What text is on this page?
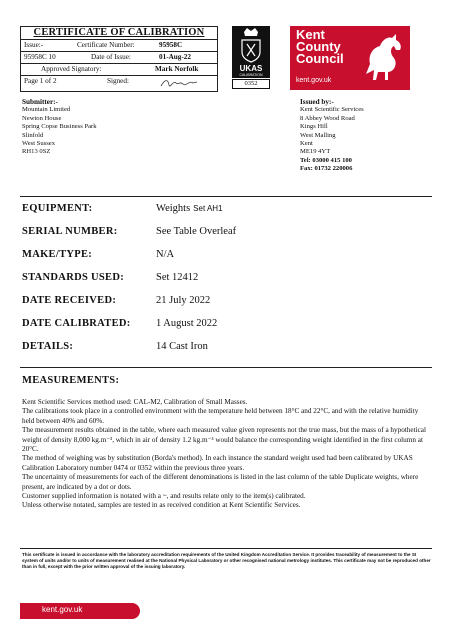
CERTIFICATE OF CALIBRATION
Issue:-	Certificate Number:	95958C
95958C 10	Date of Issue:	01-Aug-22
Approved Signatory:	Mark Norfolk
Page 1 of 2	Signed:
UKAS
CALIBRATION
0352
Kent
County
Council
kent.gov.uk
Submitter:-
Mountain Limited
Newton House
Spring Copse Business Park
Slinfold
West Sussex
RH13 0SZ
Issued by:-
Kent Scientific Services
8 Abbey Wood Road
Kings Hill
West Malling
Kent
ME19 4YT
Tel: 03000 415 100
Fax: 01732 220006
EQUIPMENT:	Weights Set AH1
SERIAL NUMBER:	See Table Overleaf
MAKE/TYPE:	N/A
STANDARDS USED:	Set 12412
DATE RECEIVED:	21 July 2022
DATE CALIBRATED: 1 August 2022
DETAILS:	14 Cast Iron
MEASUREMENTS:

Kent Scientific Services method used: CAL-M2, Calibration of Small Masses.

The calibrations took place in a controlled environment with the temperature held between 18°C and 22°C, and with the relative humidity held between 40% and 60%.

The measurement results obtained in the table, where each measured value given represents not the true mass, but the mass of a hypothetical weight of density 8,000 kg.m⁻³, which in air of density 1.2 kg.m⁻³ would balance the corresponding weight identified in the first column at 20°C.

The method of weighing was by substitution (Borda's method). In each instance the standard weight used had been calibrated by UKAS Calibration Laboratory number 0474 or 0352 within the previous three years.

The uncertainty of measurements for each of the different denominations is listed in the last column of the table Duplicate weights, where present, are indicated by a dot or dots.

Customer supplied information is notated with a ~, and results relate only to the item(s) calibrated.

Unless otherwise notated, samples are tested in as received condition at Kent Scientific Services.

This certificate is issued in accordance with the laboratory accreditation requirements of the United Kingdom Accreditation Service. It provides traceability of measurement to the SI system of units and/or to units of measurement realised at the National Physical Laboratory or other recognised national metrology institutes. This certificate may not be reproduced other than in full, except with the prior written approval of the issuing laboratory.
kent.gov.uk
